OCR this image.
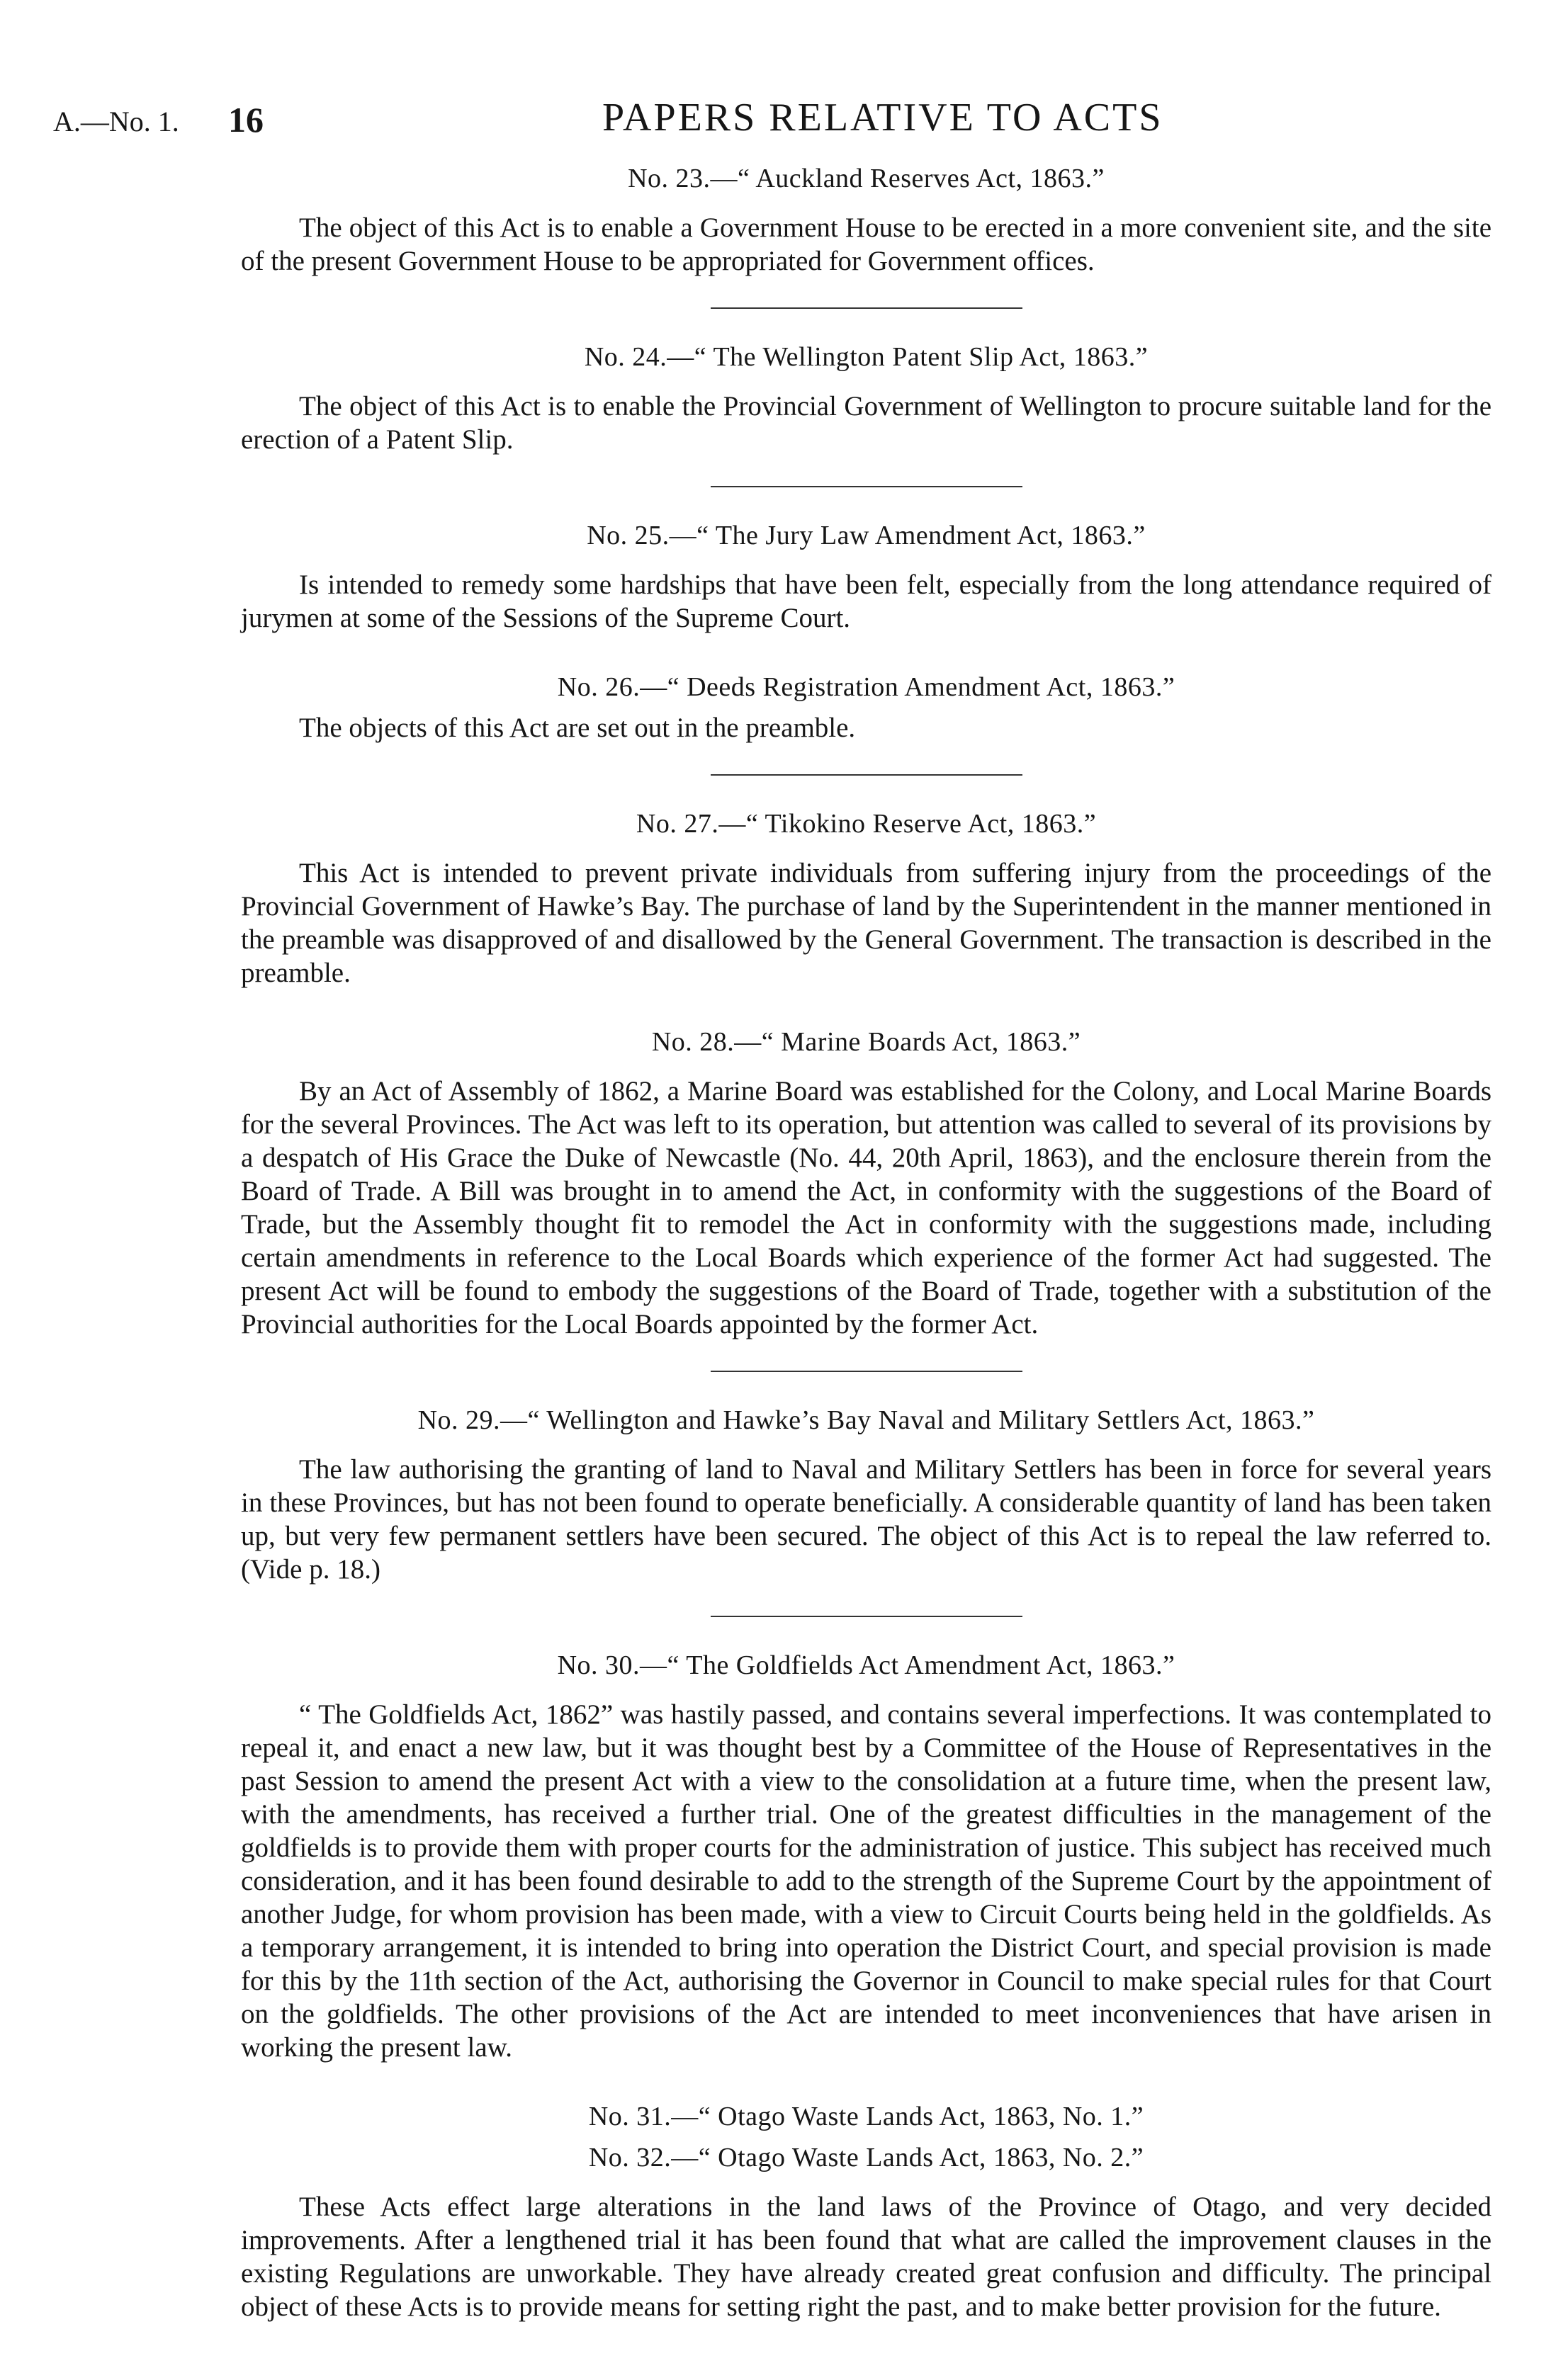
A.—No. 1. 16	PAPERS RELATIVE TO ACTS
No. 23.—“ Auckland Reserves Act, 1863.”

The object of this Act is to enable a Government House to be erected in a more convenient site, and the site of the present Government House to be appropriated for Government offices.

No. 24.—“ The Wellington Patent Slip Act, 1863.”

The object of this Act is to enable the Provincial Government of Wellington to procure suitable land for the erection of a Patent Slip.

No. 25.—“ The Jury Law Amendment Act, 1863.”

Is intended to remedy some hardships that have been felt, especially from the long attendance required of jurymen at some of the Sessions of the Supreme Court.

No. 26.—“ Deeds Registration Amendment Act, 1863.”

The objects of this Act are set out in the preamble.

No. 27.—“ Tikokino Reserve Act, 1863.”

This Act is intended to prevent private individuals from suffering injury from the proceedings of the Provincial Government of Hawke’s Bay. The purchase of land by the Superintendent in the manner mentioned in the preamble was disapproved of and disallowed by the General Government. The transaction is described in the preamble.

No. 28.—“ Marine Boards Act, 1863.”

By an Act of Assembly of 1862, a Marine Board was established for the Colony, and Local Marine Boards for the several Provinces. The Act was left to its operation, but attention was called to several of its provisions by a despatch of His Grace the Duke of Newcastle (No. 44, 20th April, 1863), and the enclosure therein from the Board of Trade. A Bill was brought in to amend the Act, in conformity with the suggestions of the Board of Trade, but the Assembly thought fit to remodel the Act in conformity with the suggestions made, including certain amendments in reference to the Local Boards which experience of the former Act had suggested. The present Act will be found to embody the suggestions of the Board of Trade, together with a substitution of the Provincial authorities for the Local Boards appointed by the former Act.

No. 29.—“ Wellington and Hawke’s Bay Naval and Military Settlers Act, 1863.”

The law authorising the granting of land to Naval and Military Settlers has been in force for several years in these Provinces, but has not been found to operate beneficially. A considerable quantity of land has been taken up, but very few permanent settlers have been secured. The object of this Act is to repeal the law referred to. (Vide p. 18.)

No. 30.—“ The Goldfields Act Amendment Act, 1863.”

“ The Goldfields Act, 1862” was hastily passed, and contains several imperfections. It was contemplated to repeal it, and enact a new law, but it was thought best by a Committee of the House of Representatives in the past Session to amend the present Act with a view to the consolidation at a future time, when the present law, with the amendments, has received a further trial. One of the greatest difficulties in the management of the goldfields is to provide them with proper courts for the administration of justice. This subject has received much consideration, and it has been found desirable to add to the strength of the Supreme Court by the appointment of another Judge, for whom provision has been made, with a view to Circuit Courts being held in the goldfields. As a temporary arrangement, it is intended to bring into operation the District Court, and special provision is made for this by the 11th section of the Act, authorising the Governor in Council to make special rules for that Court on the goldfields. The other provisions of the Act are intended to meet inconveniences that have arisen in working the present law.

No. 31.—“ Otago Waste Lands Act, 1863, No. 1.”
No. 32.—“ Otago Waste Lands Act, 1863, No. 2.”

These Acts effect large alterations in the land laws of the Province of Otago, and very decided improvements. After a lengthened trial it has been found that what are called the improvement clauses in the existing Regulations are unworkable. They have already created great confusion and difficulty. The principal object of these Acts is to provide means for setting right the past, and to make better provision for the future.
